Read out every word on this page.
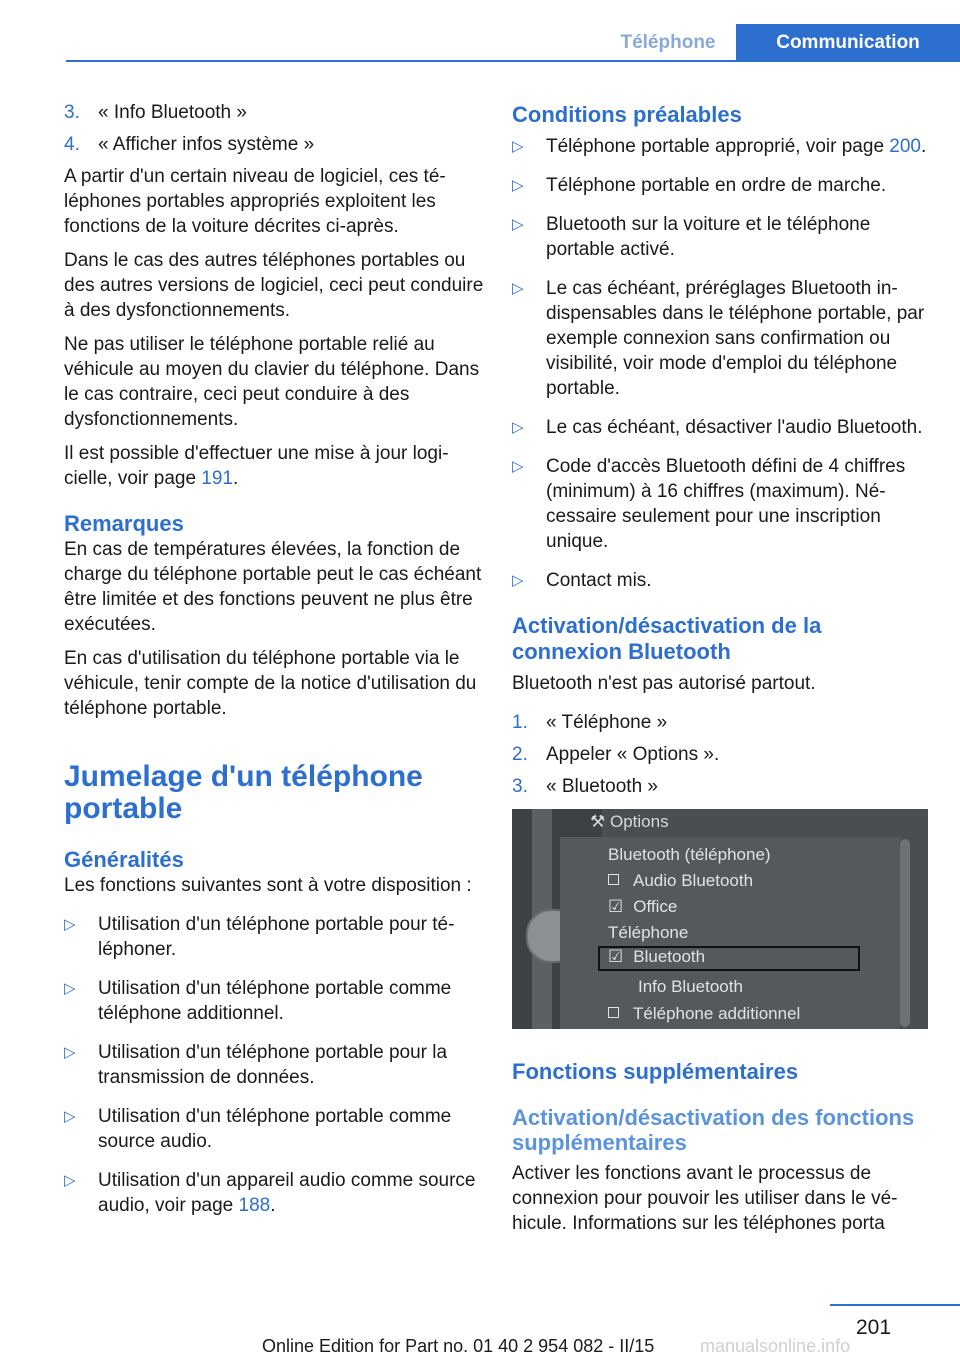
Téléphone	Communication
3. « Info Bluetooth »
4. « Afficher infos système »

A partir d'un certain niveau de logiciel, ces téléphones portables appropriés exploitent les fonctions de la voiture décrites ci-après.

Dans le cas des autres téléphones portables ou des autres versions de logiciel, ceci peut conduire à des dysfonctionnements.

Ne pas utiliser le téléphone portable relié au véhicule au moyen du clavier du téléphone. Dans le cas contraire, ceci peut conduire à des dysfonctionnements.

Il est possible d'effectuer une mise à jour logicielle, voir page 191.

Remarques

En cas de températures élevées, la fonction de charge du téléphone portable peut le cas échéant être limitée et des fonctions peuvent ne plus être exécutées.

En cas d'utilisation du téléphone portable via le véhicule, tenir compte de la notice d'utilisation du téléphone portable.

Jumelage d'un téléphone portable
Généralités

Les fonctions suivantes sont à votre disposition :

▷	Utilisation d'un téléphone portable pour téléphoner.
▷	Utilisation d'un téléphone portable comme téléphone additionnel.
▷	Utilisation d'un téléphone portable pour la transmission de données.
▷	Utilisation d'un téléphone portable comme source audio.
▷	Utilisation d'un appareil audio comme source audio, voir page 188.
Conditions préalables
▷	Téléphone portable approprié, voir page 200.
▷	Téléphone portable en ordre de marche.
▷	Bluetooth sur la voiture et le téléphone portable activé.
▷	Le cas échéant, préréglages Bluetooth indispensables dans le téléphone portable, par exemple connexion sans confirmation ou visibilité, voir mode d'emploi du téléphone portable.
▷	Le cas échéant, désactiver l'audio Bluetooth.
▷	Code d'accès Bluetooth défini de 4 chiffres (minimum) à 16 chiffres (maximum). Nécessaire seulement pour une inscription unique.
▷	Contact mis.
Activation/désactivation de la connexion Bluetooth

Bluetooth n'est pas autorisé partout.

1. « Téléphone »
2. Appeler « Options ».
3. « Bluetooth »
⚒ Options
Bluetooth (téléphone)
Audio Bluetooth
☑ Office
Téléphone
☑ Bluetooth
Info Bluetooth
Téléphone additionnel
Fonctions supplémentaires
Activation/désactivation des fonctions supplémentaires

Activer les fonctions avant le processus de connexion pour pouvoir les utiliser dans le véhicule. Informations sur les téléphones porta

201
Online Edition for Part no. 01 40 2 954 082 - II/15	manualsonline.info
